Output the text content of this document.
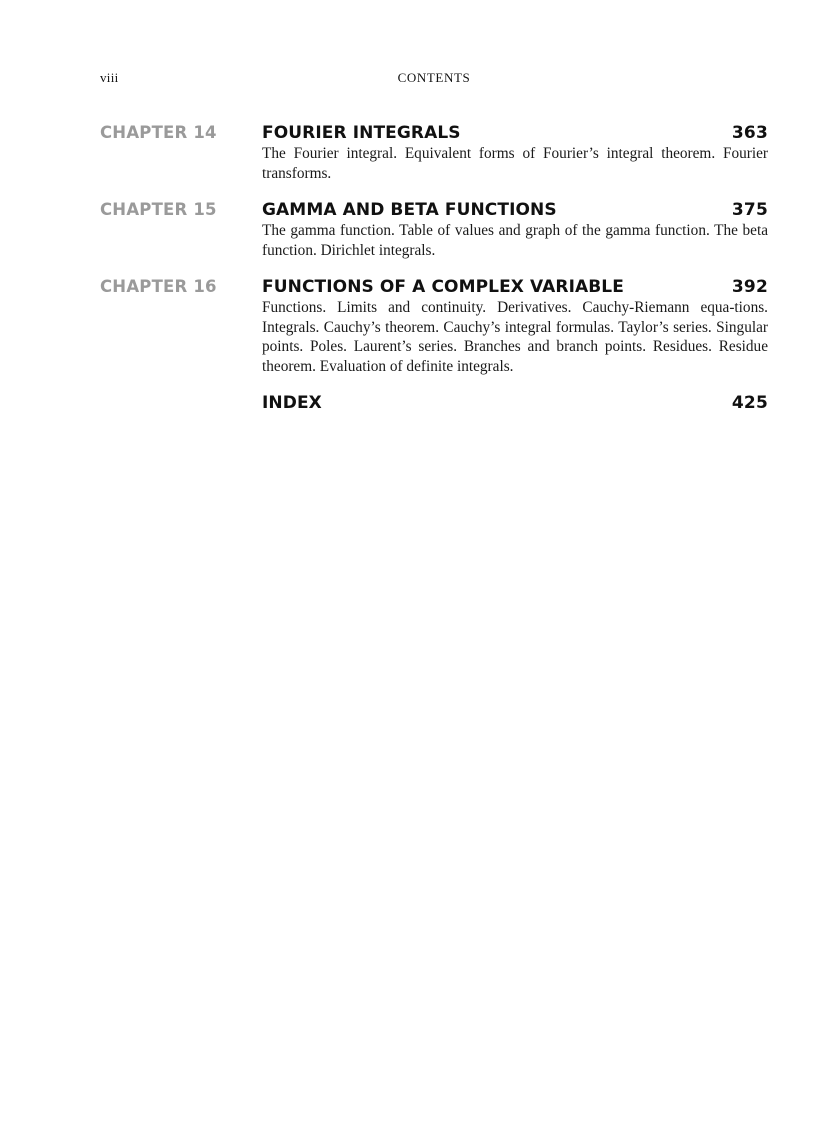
viii	CONTENTS
CHAPTER 14	FOURIER INTEGRALS	363

The Fourier integral. Equivalent forms of Fourier’s integral theorem. Fourier transforms.

CHAPTER 15	GAMMA AND BETA FUNCTIONS	375

The gamma function. Table of values and graph of the gamma function. The beta function. Dirichlet integrals.

CHAPTER 16	FUNCTIONS OF A COMPLEX VARIABLE	392

Functions. Limits and continuity. Derivatives. Cauchy-Riemann equa-tions. Integrals. Cauchy’s theorem. Cauchy’s integral formulas. Taylor’s series. Singular points. Poles. Laurent’s series. Branches and branch points. Residues. Residue theorem. Evaluation of definite integrals.

INDEX	425
